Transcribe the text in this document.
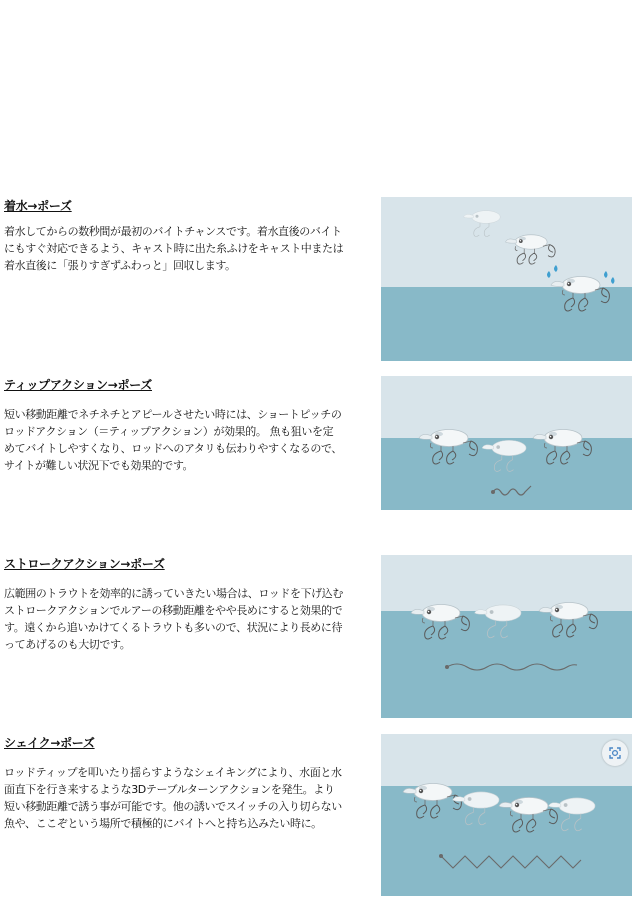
着水→ポーズ
着水してからの数秒間が最初のバイトチャンスです。着水直後のバイト
にもすぐ対応できるよう、キャスト時に出た糸ふけをキャスト中または
着水直後に「張りすぎずふわっと」回収します。
ティップアクション→ポーズ
短い移動距離でネチネチとアピールさせたい時には、ショートピッチの
ロッドアクション（＝ティップアクション）が効果的。 魚も狙いを定
めてバイトしやすくなり、ロッドへのアタリも伝わりやすくなるので、
サイトが難しい状況下でも効果的です。
ストロークアクション→ポーズ
広範囲のトラウトを効率的に誘っていきたい場合は、ロッドを下げ込む
ストロークアクションでルアーの移動距離をやや長めにすると効果的で
す。遠くから追いかけてくるトラウトも多いので、状況により長めに待
ってあげるのも大切です。
シェイク→ポーズ
ロッドティップを叩いたり揺らすようなシェイキングにより、水面と水
面直下を行き来するような3Dテーブルターンアクションを発生。より
短い移動距離で誘う事が可能です。他の誘いでスイッチの入り切らない
魚や、ここぞという場所で積極的にバイトへと持ち込みたい時に。
